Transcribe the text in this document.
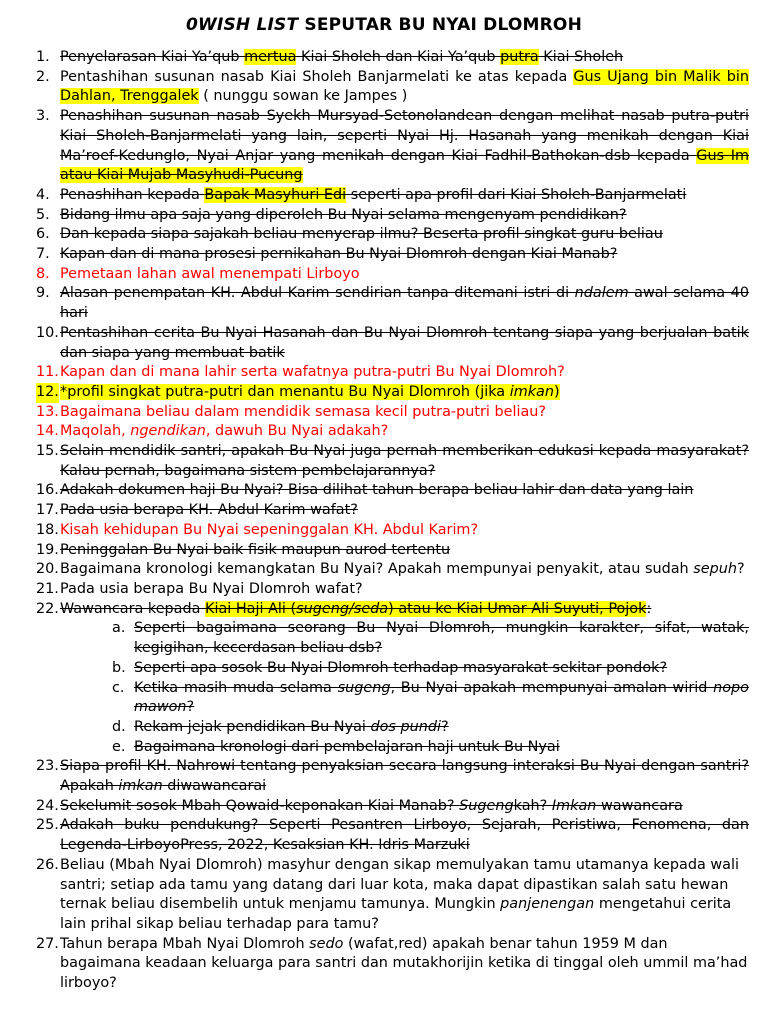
0WISH LIST SEPUTAR BU NYAI DLOMROH
1. Penyelarasan Kiai Ya’qub mertua Kiai Sholeh dan Kiai Ya’qub putra Kiai Sholeh
2. Pentashihan susunan nasab Kiai Sholeh Banjarmelati ke atas kepada Gus Ujang bin Malik bin Dahlan, Trenggalek ( nunggu sowan ke Jampes )
3. Penashihan susunan nasab Syekh Mursyad-Setonolandean dengan melihat nasab putra-putri Kiai Sholeh-Banjarmelati yang lain, seperti Nyai Hj. Hasanah yang menikah dengan Kiai Ma’roef-Kedunglo, Nyai Anjar yang menikah dengan Kiai Fadhil-Bathokan-dsb kepada Gus Im atau Kiai Mujab Masyhudi-Pucung
4. Penashihan kepada Bapak Masyhuri Edi seperti apa profil dari Kiai Sholeh-Banjarmelati
5. Bidang ilmu apa saja yang diperoleh Bu Nyai selama mengenyam pendidikan?
6. Dan kepada siapa sajakah beliau menyerap ilmu? Beserta profil singkat guru beliau
7. Kapan dan di mana prosesi pernikahan Bu Nyai Dlomroh dengan Kiai Manab?
8. Pemetaan lahan awal menempati Lirboyo
9. Alasan penempatan KH. Abdul Karim sendirian tanpa ditemani istri di ndalem awal selama 40 hari
10. Pentashihan cerita Bu Nyai Hasanah dan Bu Nyai Dlomroh tentang siapa yang berjualan batik dan siapa yang membuat batik
11. Kapan dan di mana lahir serta wafatnya putra-putri Bu Nyai Dlomroh?
12. *profil singkat putra-putri dan menantu Bu Nyai Dlomroh (jika imkan)
13. Bagaimana beliau dalam mendidik semasa kecil putra-putri beliau?
14. Maqolah, ngendikan, dawuh Bu Nyai adakah?
15. Selain mendidik santri, apakah Bu Nyai juga pernah memberikan edukasi kepada masyarakat? Kalau pernah, bagaimana sistem pembelajarannya?
16. Adakah dokumen haji Bu Nyai? Bisa dilihat tahun berapa beliau lahir dan data yang lain
17. Pada usia berapa KH. Abdul Karim wafat?
18. Kisah kehidupan Bu Nyai sepeninggalan KH. Abdul Karim?
19. Peninggalan Bu Nyai baik fisik maupun aurod tertentu
20. Bagaimana kronologi kemangkatan Bu Nyai? Apakah mempunyai penyakit, atau sudah sepuh?
21. Pada usia berapa Bu Nyai Dlomroh wafat?
22. Wawancara kepada Kiai Haji Ali (sugeng/seda) atau ke Kiai Umar Ali Suyuti, Pojok:
a. Seperti bagaimana seorang Bu Nyai Dlomroh, mungkin karakter, sifat, watak, kegigihan, kecerdasan beliau dsb?
b. Seperti apa sosok Bu Nyai Dlomroh terhadap masyarakat sekitar pondok?
c. Ketika masih muda selama sugeng, Bu Nyai apakah mempunyai amalan wirid nopo mawon?
d. Rekam jejak pendidikan Bu Nyai dos pundi?
e. Bagaimana kronologi dari pembelajaran haji untuk Bu Nyai
23. Siapa profil KH. Nahrowi tentang penyaksian secara langsung interaksi Bu Nyai dengan santri? Apakah imkan diwawancarai
24. Sekelumit sosok Mbah Qowaid-keponakan Kiai Manab? Sugengkah? Imkan wawancara
25. Adakah buku pendukung? Seperti Pesantren Lirboyo, Sejarah, Peristiwa, Fenomena, dan Legenda-LirboyoPress, 2022, Kesaksian KH. Idris Marzuki
26. Beliau (Mbah Nyai Dlomroh) masyhur dengan sikap memulyakan tamu utamanya kepada wali santri; setiap ada tamu yang datang dari luar kota, maka dapat dipastikan salah satu hewan ternak beliau disembelih untuk menjamu tamunya. Mungkin panjenengan mengetahui cerita lain prihal sikap beliau terhadap para tamu?
27. Tahun berapa Mbah Nyai Dlomroh sedo (wafat,red) apakah benar tahun 1959 M dan bagaimana keadaan keluarga para santri dan mutakhorijin ketika di tinggal oleh ummil ma’had lirboyo?
